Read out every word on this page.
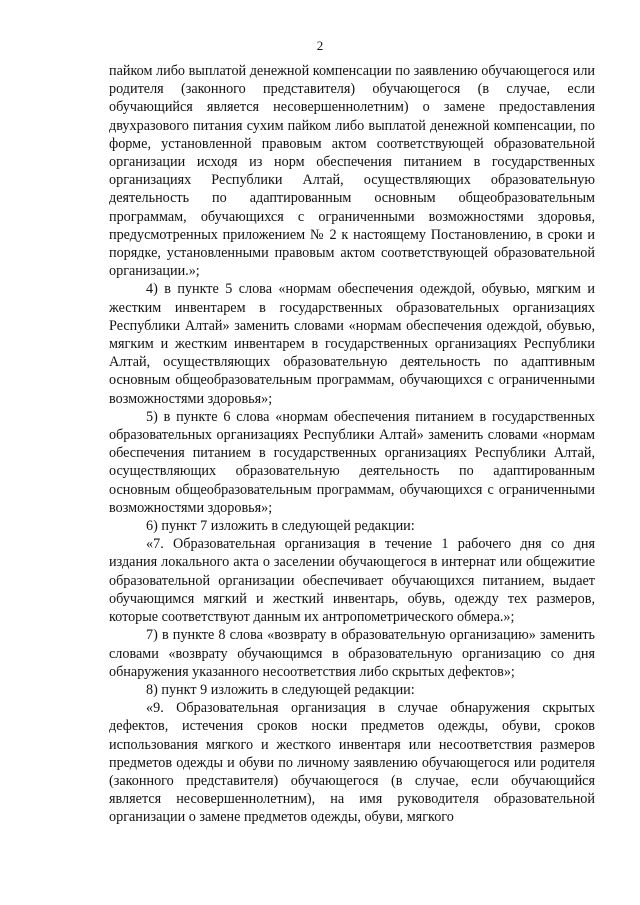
2

пайком либо выплатой денежной компенсации по заявлению обучающегося или родителя (законного представителя) обучающегося (в случае, если обучающийся является несовершеннолетним) о замене предоставления двухразового питания сухим пайком либо выплатой денежной компенсации, по форме, установленной правовым актом соответствующей образовательной организации исходя из норм обеспечения питанием в государственных организациях Республики Алтай, осуществляющих образовательную деятельность по адаптированным основным общеобразовательным программам, обучающихся с ограниченными возможностями здоровья, предусмотренных приложением № 2 к настоящему Постановлению, в сроки и порядке, установленными правовым актом соответствующей образовательной организации.»;

4) в пункте 5 слова «нормам обеспечения одеждой, обувью, мягким и жестким инвентарем в государственных образовательных организациях Республики Алтай» заменить словами «нормам обеспечения одеждой, обувью, мягким и жестким инвентарем в государственных организациях Республики Алтай, осуществляющих образовательную деятельность по адаптивным основным общеобразовательным программам, обучающихся с ограниченными возможностями здоровья»;

5) в пункте 6 слова «нормам обеспечения питанием в государственных образовательных организациях Республики Алтай» заменить словами «нормам обеспечения питанием в государственных организациях Республики Алтай, осуществляющих образовательную деятельность по адаптированным основным общеобразовательным программам, обучающихся с ограниченными возможностями здоровья»;

6) пункт 7 изложить в следующей редакции:

«7. Образовательная организация в течение 1 рабочего дня со дня издания локального акта о заселении обучающегося в интернат или общежитие образовательной организации обеспечивает обучающихся питанием, выдает обучающимся мягкий и жесткий инвентарь, обувь, одежду тех размеров, которые соответствуют данным их антропометрического обмера.»;

7) в пункте 8 слова «возврату в образовательную организацию» заменить словами «возврату обучающимся в образовательную организацию со дня обнаружения указанного несоответствия либо скрытых дефектов»;

8) пункт 9 изложить в следующей редакции:

«9. Образовательная организация в случае обнаружения скрытых дефектов, истечения сроков носки предметов одежды, обуви, сроков использования мягкого и жесткого инвентаря или несоответствия размеров предметов одежды и обуви по личному заявлению обучающегося или родителя (законного представителя) обучающегося (в случае, если обучающийся является несовершеннолетним), на имя руководителя образовательной организации о замене предметов одежды, обуви, мягкого
